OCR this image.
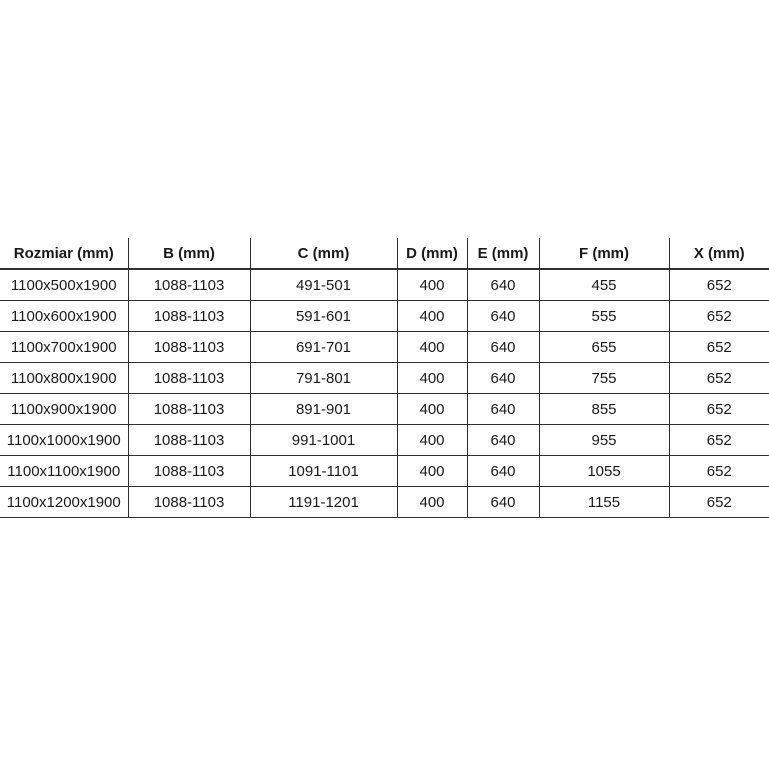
Rozmiar (mm)	B (mm)	C (mm)	D (mm)	E (mm)	F (mm)	X (mm)
1100x500x1900	1088-1103	491-501	400	640	455	652
1100x600x1900	1088-1103	591-601	400	640	555	652
1100x700x1900	1088-1103	691-701	400	640	655	652
1100x800x1900	1088-1103	791-801	400	640	755	652
1100x900x1900	1088-1103	891-901	400	640	855	652
1100x1000x1900	1088-1103	991-1001	400	640	955	652
1100x1100x1900	1088-1103	1091-1101	400	640	1055	652
1100x1200x1900	1088-1103	1191-1201	400	640	1155	652
